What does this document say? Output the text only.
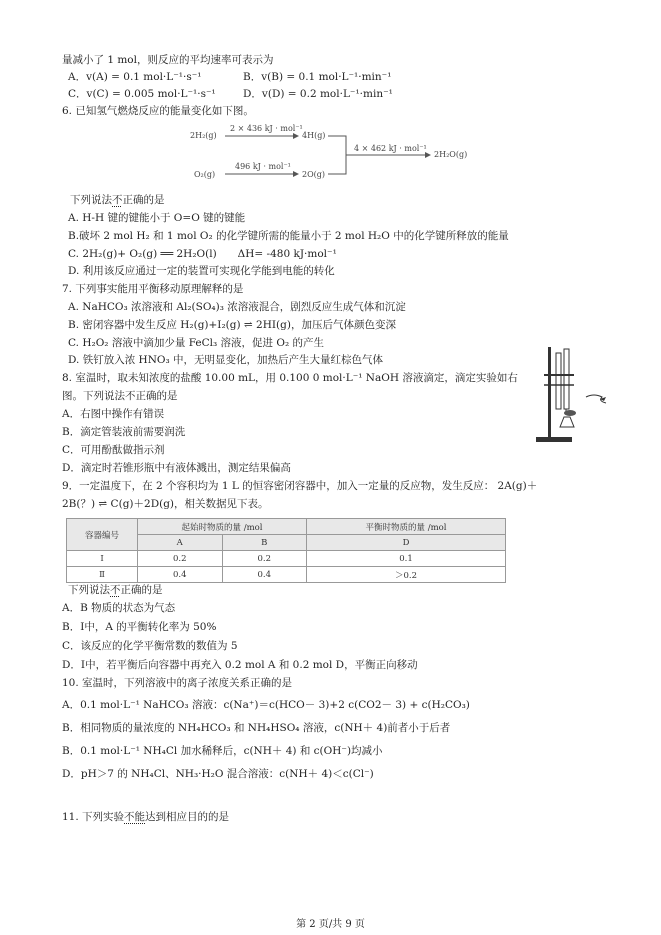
量减小了 1 mol，则反应的平均速率可表示为
A．v(A) = 0.1 mol·L⁻¹·s⁻¹	B．v(B) = 0.1 mol·L⁻¹·min⁻¹
C．v(C) = 0.005 mol·L⁻¹·s⁻¹	D．v(D) = 0.2 mol·L⁻¹·min⁻¹
6. 已知氢气燃烧反应的能量变化如下图。
2H₂(g)
2 × 436 kJ · mol⁻¹
4H(g)
O₂(g)
496 kJ · mol⁻¹
2O(g)
4 × 462 kJ · mol⁻¹
2H₂O(g)
下列说法不正确的是
A. H-H 键的键能小于 O=O 键的键能
B.破坏 2 mol H₂ 和 1 mol O₂ 的化学键所需的能量小于 2 mol H₂O 中的化学键所释放的能量
C. 2H₂(g)+ O₂(g) ══ 2H₂O(l)　　ΔH= -480 kJ·mol⁻¹
D. 利用该反应通过一定的装置可实现化学能到电能的转化
7. 下列事实能用平衡移动原理解释的是
A. NaHCO₃ 浓溶液和 Al₂(SO₄)₃ 浓溶液混合，剧烈反应生成气体和沉淀
B. 密闭容器中发生反应 H₂(g)+I₂(g) ⇌ 2HI(g)，加压后气体颜色变深
C. H₂O₂ 溶液中滴加少量 FeCl₃ 溶液，促进 O₂ 的产生
D. 铁钉放入浓 HNO₃ 中，无明显变化，加热后产生大量红棕色气体
8. 室温时，取未知浓度的盐酸 10.00 mL，用 0.100 0 mol·L⁻¹ NaOH 溶液滴定，滴定实验如右
图。下列说法不正确的是
A．右图中操作有错误
B．滴定管装液前需要润洗
C．可用酚酞做指示剂
D．滴定时若锥形瓶中有液体溅出，测定结果偏高
9．一定温度下，在 2 个容积均为 1 L 的恒容密闭容器中，加入一定量的反应物，发生反应： 2A(g)＋
2B(？) ⇌ C(g)＋2D(g)，相关数据见下表。
容器编号	起始时物质的量 /mol		平衡时物质的量 /mol
	A	B	D
Ⅰ	0.2	0.2	0.1
Ⅱ	0.4	0.4	＞0.2
下列说法不正确的是
A．B 物质的状态为气态
B．Ⅰ中，A 的平衡转化率为 50%
C．该反应的化学平衡常数的数值为 5
D．Ⅰ中，若平衡后向容器中再充入 0.2 mol A 和 0.2 mol D，平衡正向移动
10. 室温时，下列溶液中的离子浓度关系正确的是
A．0.1 mol·L⁻¹ NaHCO₃ 溶液：c(Na⁺)＝c(HCO－ 3)+2 c(CO2－ 3) + c(H₂CO₃)
B．相同物质的量浓度的 NH₄HCO₃ 和 NH₄HSO₄ 溶液，c(NH＋ 4)前者小于后者
B．0.1 mol·L⁻¹ NH₄Cl 加水稀释后，c(NH＋ 4) 和 c(OH⁻)均减小
D．pH＞7 的 NH₄Cl、NH₃·H₂O 混合溶液：c(NH＋ 4)＜c(Cl⁻)
11. 下列实验不能达到相应目的的是
第 2 页/共 9 页
